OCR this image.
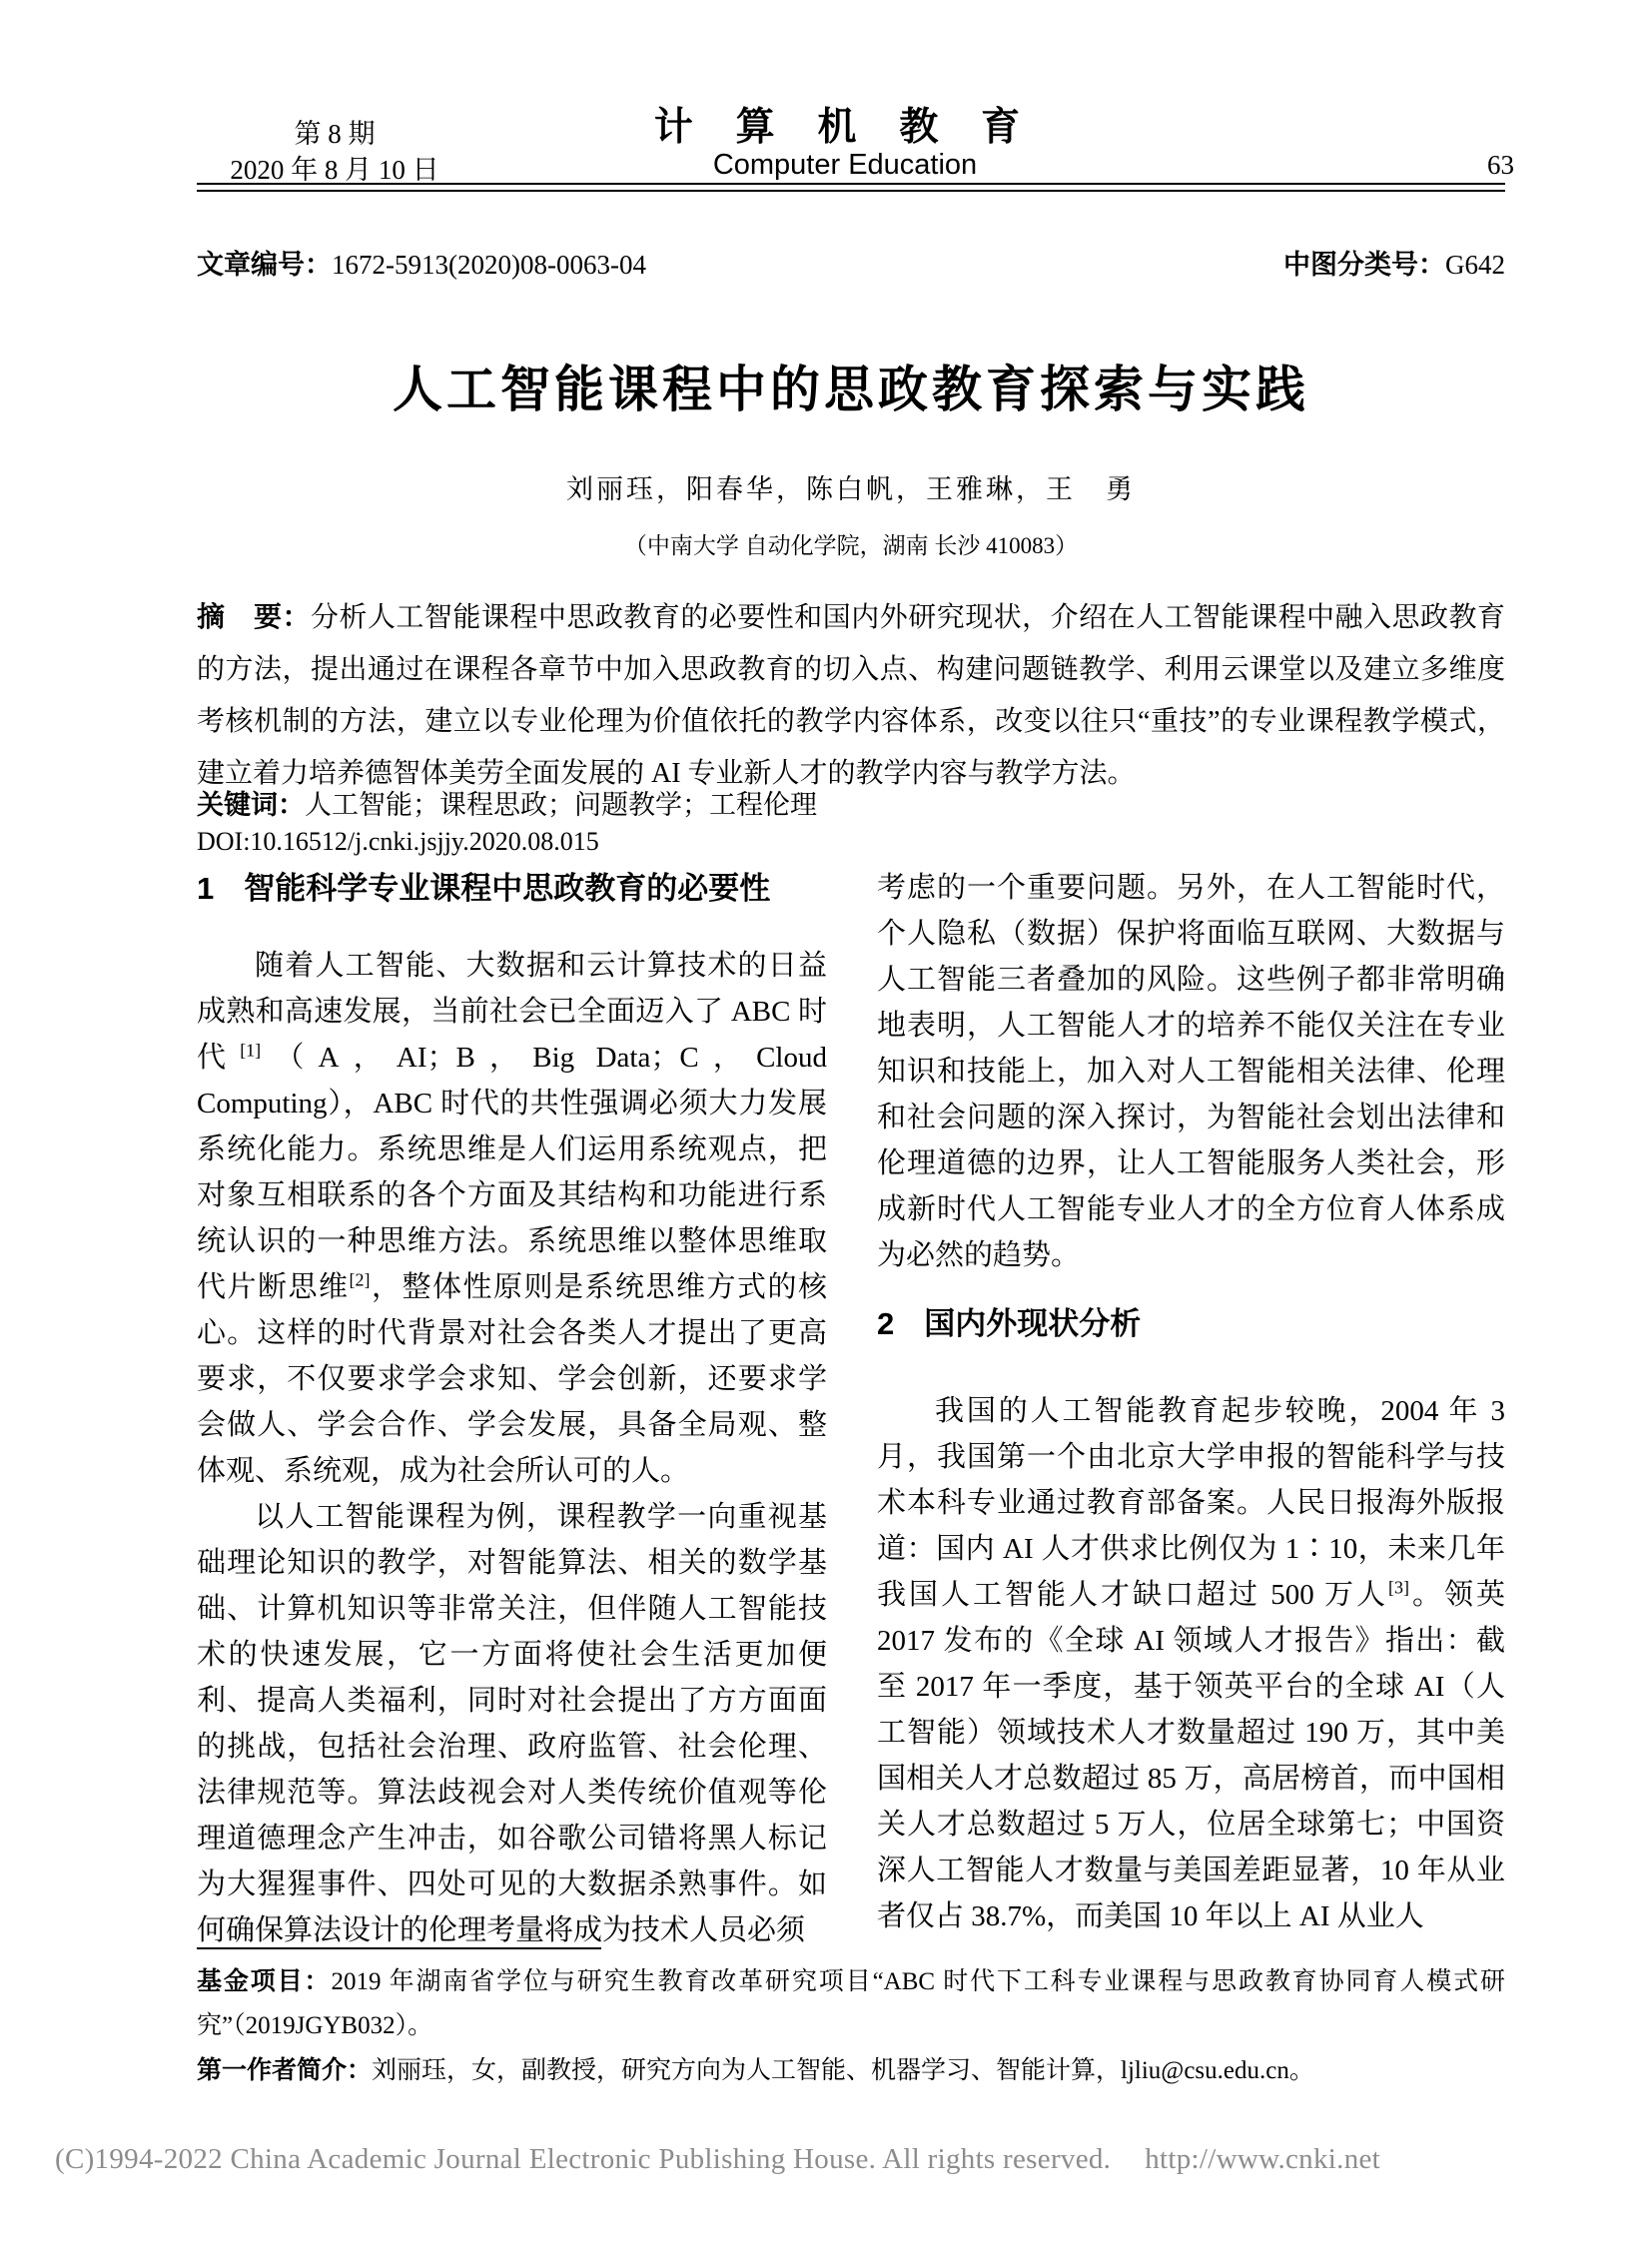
第 8 期
2020 年 8 月 10 日
计 算 机 教 育
Computer Education	63
文章编号：1672-5913(2020)08-0063-04	中图分类号：G642
人工智能课程中的思政教育探索与实践
刘丽珏，阳春华，陈白帆，王雅琳，王　勇
（中南大学 自动化学院，湖南 长沙 410083）
摘　要：分析人工智能课程中思政教育的必要性和国内外研究现状，介绍在人工智能课程中融入思政教育的方法，提出通过在课程各章节中加入思政教育的切入点、构建问题链教学、利用云课堂以及建立多维度考核机制的方法，建立以专业伦理为价值依托的教学内容体系，改变以往只“重技”的专业课程教学模式，建立着力培养德智体美劳全面发展的 AI 专业新人才的教学内容与教学方法。
关键词：人工智能；课程思政；问题教学；工程伦理
DOI:10.16512/j.cnki.jsjjy.2020.08.015
1 智能科学专业课程中思政教育的必要性

随着人工智能、大数据和云计算技术的日益成熟和高速发展，当前社会已全面迈入了 ABC 时代[1]（A，AI；B，Big Data；C，Cloud Computing），ABC 时代的共性强调必须大力发展系统化能力。系统思维是人们运用系统观点，把对象互相联系的各个方面及其结构和功能进行系统认识的一种思维方法。系统思维以整体思维取代片断思维[2]，整体性原则是系统思维方式的核心。这样的时代背景对社会各类人才提出了更高要求，不仅要求学会求知、学会创新，还要求学会做人、学会合作、学会发展，具备全局观、整体观、系统观，成为社会所认可的人。

以人工智能课程为例，课程教学一向重视基础理论知识的教学，对智能算法、相关的数学基础、计算机知识等非常关注，但伴随人工智能技术的快速发展，它一方面将使社会生活更加便利、提高人类福利，同时对社会提出了方方面面的挑战，包括社会治理、政府监管、社会伦理、法律规范等。算法歧视会对人类传统价值观等伦理道德理念产生冲击，如谷歌公司错将黑人标记为大猩猩事件、四处可见的大数据杀熟事件。如何确保算法设计的伦理考量将成为技术人员必须

考虑的一个重要问题。另外，在人工智能时代，个人隐私（数据）保护将面临互联网、大数据与人工智能三者叠加的风险。这些例子都非常明确地表明，人工智能人才的培养不能仅关注在专业知识和技能上，加入对人工智能相关法律、伦理和社会问题的深入探讨，为智能社会划出法律和伦理道德的边界，让人工智能服务人类社会，形成新时代人工智能专业人才的全方位育人体系成为必然的趋势。

2 国内外现状分析

我国的人工智能教育起步较晚，2004 年 3 月，我国第一个由北京大学申报的智能科学与技术本科专业通过教育部备案。人民日报海外版报道：国内 AI 人才供求比例仅为 1∶10，未来几年我国人工智能人才缺口超过 500 万人[3]。领英 2017 发布的《全球 AI 领域人才报告》指出：截至 2017 年一季度，基于领英平台的全球 AI（人工智能）领域技术人才数量超过 190 万，其中美国相关人才总数超过 85 万，高居榜首，而中国相关人才总数超过 5 万人，位居全球第七；中国资深人工智能人才数量与美国差距显著，10 年从业者仅占 38.7%，而美国 10 年以上 AI 从业人

基金项目：2019 年湖南省学位与研究生教育改革研究项目“ABC 时代下工科专业课程与思政教育协同育人模式研究”（2019JGYB032）。

第一作者简介：刘丽珏，女，副教授，研究方向为人工智能、机器学习、智能计算，ljliu@csu.edu.cn。

(C)1994-2022 China Academic Journal Electronic Publishing House. All rights reserved. http://www.cnki.net
